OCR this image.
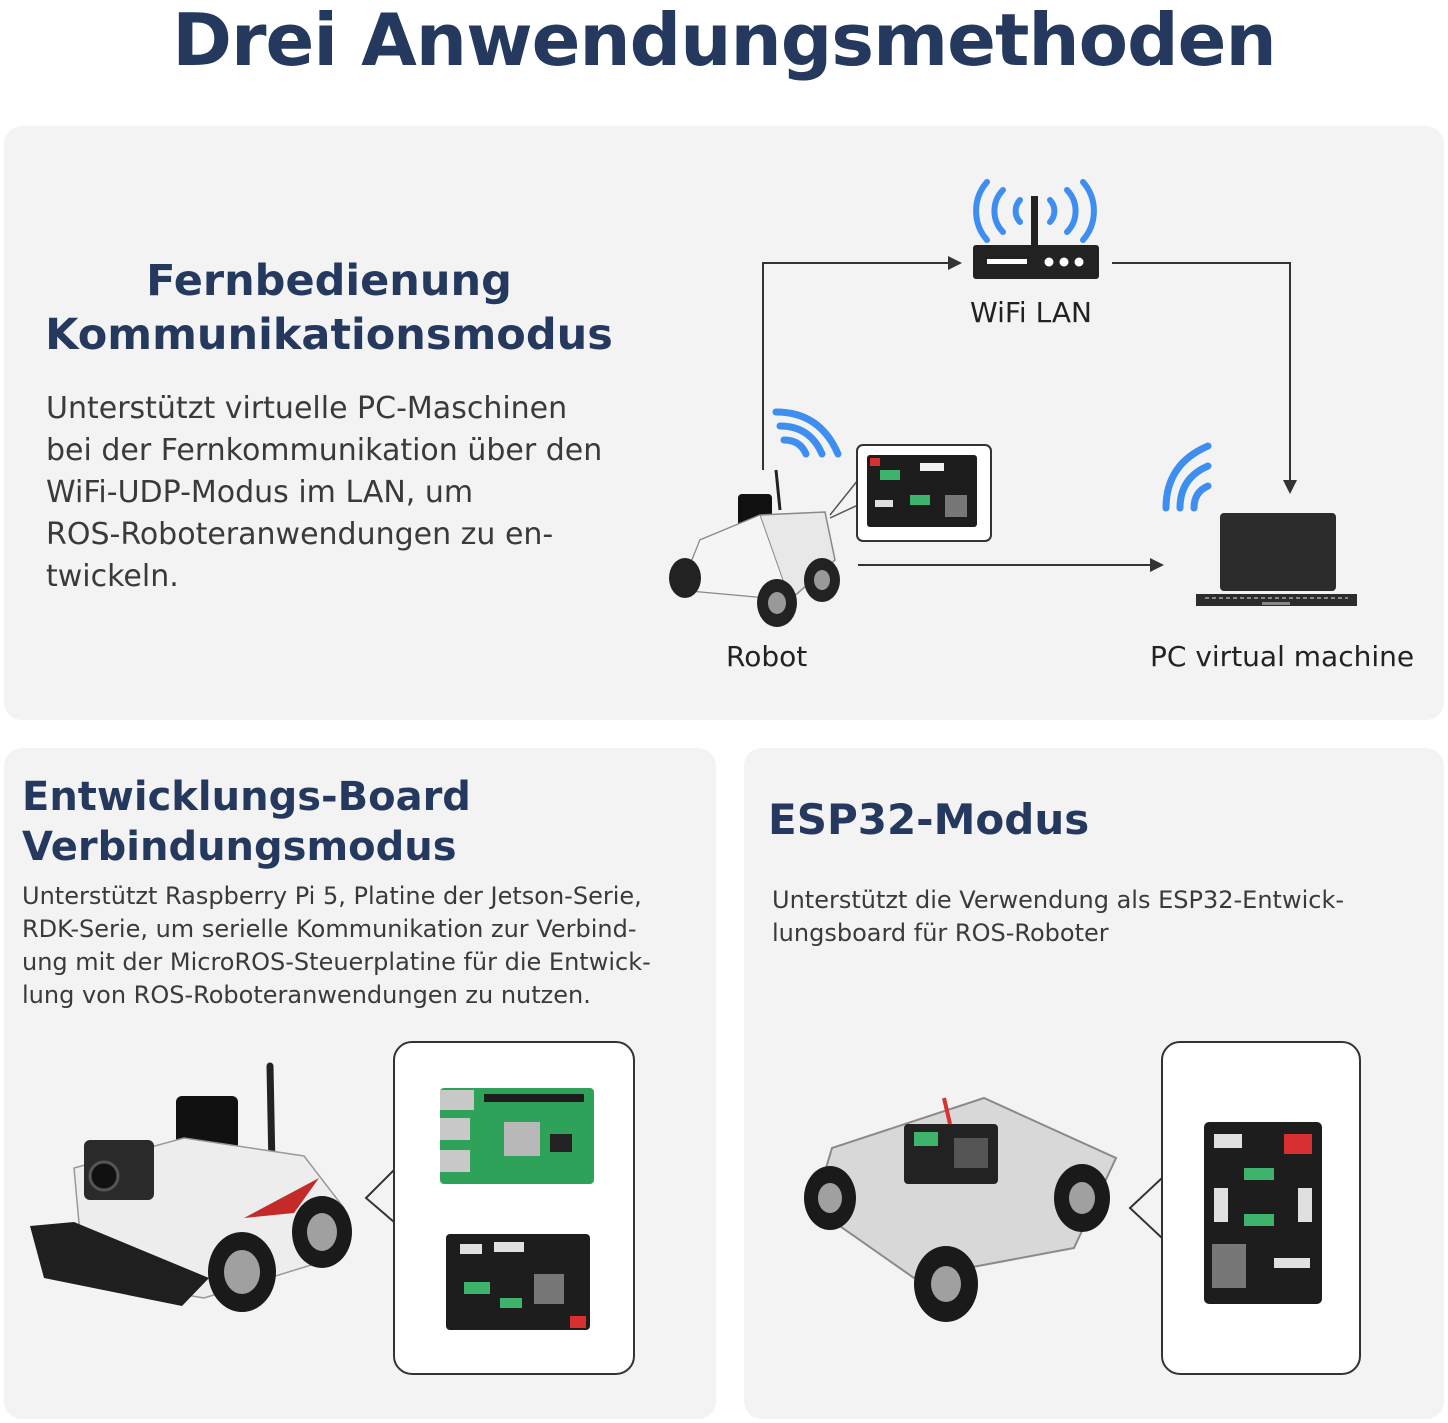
Drei Anwendungsmethoden
Fernbedienung
Kommunikationsmodus
Unterstützt virtuelle PC-Maschinen
bei der Fernkommunikation über den
WiFi-UDP-Modus im LAN, um
ROS-Roboteranwendungen zu en-
twickeln.
WiFi LAN
Robot	PC virtual machine
Entwicklungs-Board
Verbindungsmodus
Unterstützt Raspberry Pi 5, Platine der Jetson-Serie,
RDK-Serie, um serielle Kommunikation zur Verbind-
ung mit der MicroROS-Steuerplatine für die Entwick-
lung von ROS-Roboteranwendungen zu nutzen.
ESP32-Modus
Unterstützt die Verwendung als ESP32-Entwick-
lungsboard für ROS-Roboter
